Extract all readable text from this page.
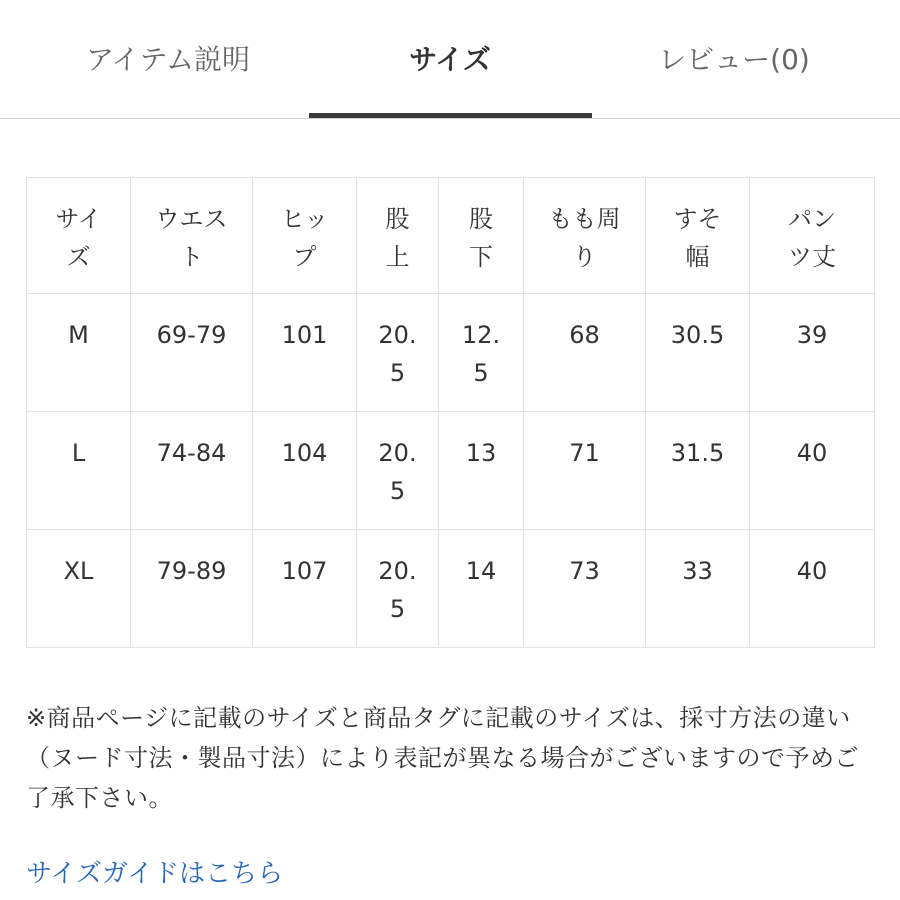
アイテム説明	サイズ	レビュー(0)
サイズ	ウエスト	ヒップ	股上	股下	もも周り	すそ幅	パンツ丈

M	69-79	101	20.5	12.5	68	30.5	39

L	74-84	104	20.5	13	71	31.5	40

XL	79-89	107	20.5	14	73	33	40
※商品ページに記載のサイズと商品タグに記載のサイズは、採寸方法の違い（ヌード寸法・製品寸法）により表記が異なる場合がございますので予めご了承下さい。
サイズガイドはこちら
